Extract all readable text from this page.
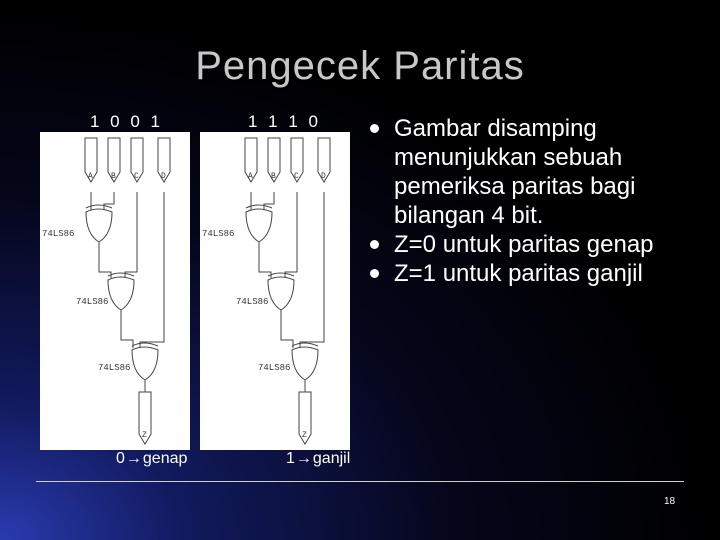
Pengecek Paritas
1 0 0 1	1 1 1 0
A B C	D
74LS86
74LS86
74LS86
Z
A B C	D
74LS86
74LS86
74LS86
Z
0→genap	1→ganjil
Gambar disamping menunjukkan sebuah pemeriksa paritas bagi bilangan 4 bit.
Z=0 untuk paritas genap
Z=1 untuk paritas ganjil
18
